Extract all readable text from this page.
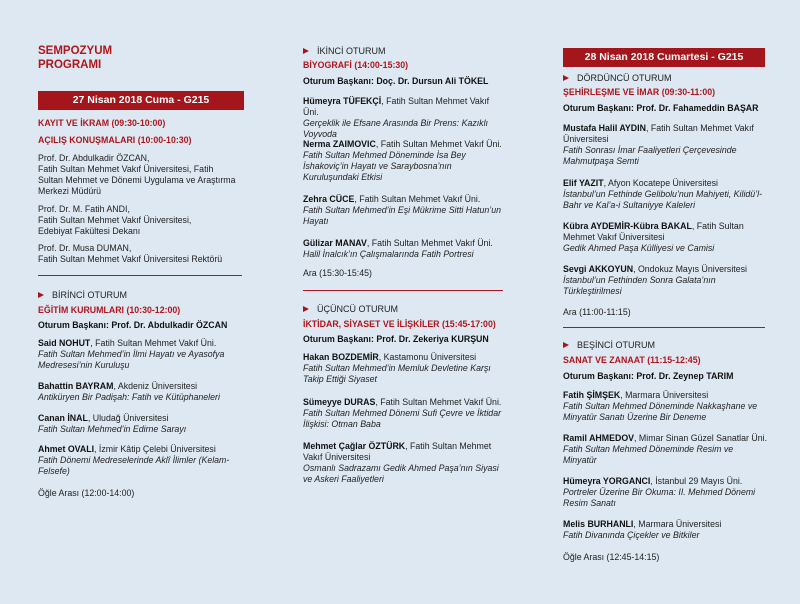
SEMPOZYUM
PROGRAMI
27 Nisan 2018 Cuma - G215
KAYIT VE İKRAM (09:30-10:00)
AÇILIŞ KONUŞMALARI (10:00-10:30)
Prof. Dr. Abdulkadir ÖZCAN,
Fatih Sultan Mehmet Vakıf Üniversitesi, Fatih
Sultan Mehmet ve Dönemi Uygulama ve Araştırma
Merkezi Müdürü
Prof. Dr. M. Fatih ANDI,
Fatih Sultan Mehmet Vakıf Üniversitesi,
Edebiyat Fakültesi Dekanı
Prof. Dr. Musa DUMAN,
Fatih Sultan Mehmet Vakıf Üniversitesi Rektörü
BİRİNCİ OTURUM
EĞİTİM KURUMLARI (10:30-12:00)
Oturum Başkanı: Prof. Dr. Abdulkadir ÖZCAN
Said NOHUT, Fatih Sultan Mehmet Vakıf Üni.
Fatih Sultan Mehmed’in İlmi Hayatı ve Ayasofya Medresesi’nin Kuruluşu
Bahattin BAYRAM, Akdeniz Üniversitesi
Antiküryen Bir Padişah: Fatih ve Kütüphaneleri
Canan İNAL, Uludağ Üniversitesi
Fatih Sultan Mehmed’in Edirne Sarayı
Ahmet OVALI, İzmir Kâtip Çelebi Üniversitesi
Fatih Dönemi Medreselerinde Aklî İlimler (Kelam-Felsefe)
Öğle Arası (12:00-14:00)
İKİNCİ OTURUM
BİYOGRAFİ (14:00-15:30)
Oturum Başkanı: Doç. Dr. Dursun Ali TÖKEL
Hümeyra TÜFEKÇİ, Fatih Sultan Mehmet Vakıf Üni.
Gerçeklik ile Efsane Arasında Bir Prens: Kazıklı Voyvoda
Nerma ZAIMOVIC, Fatih Sultan Mehmet Vakıf Üni.
Fatih Sultan Mehmed Döneminde İsa Bey İshakoviç’in Hayatı ve Saraybosna’nın Kuruluşundaki Etkisi
Zehra CÜCE, Fatih Sultan Mehmet Vakıf Üni.
Fatih Sultan Mehmed’in Eşi Mükrime Sitti Hatun’un Hayatı
Gülizar MANAV, Fatih Sultan Mehmet Vakıf Üni.
Halil İnalcık’ın Çalışmalarında Fatih Portresi
Ara (15:30-15:45)
ÜÇÜNCÜ OTURUM
İKTİDAR, SİYASET VE İLİŞKİLER (15:45-17:00)
Oturum Başkanı: Prof. Dr. Zekeriya KURŞUN
Hakan BOZDEMİR, Kastamonu Üniversitesi
Fatih Sultan Mehmed’in Memluk Devletine Karşı Takip Ettiği Siyaset
Sümeyye DURAS, Fatih Sultan Mehmet Vakıf Üni.
Fatih Sultan Mehmed Dönemi Sufi Çevre ve İktidar İlişkisi: Otman Baba
Mehmet Çağlar ÖZTÜRK, Fatih Sultan Mehmet Vakıf Üniversitesi
Osmanlı Sadrazamı Gedik Ahmed Paşa’nın Siyasi ve Askeri Faaliyetleri
28 Nisan 2018 Cumartesi - G215
DÖRDÜNCÜ OTURUM
ŞEHİRLEŞME VE İMAR (09:30-11:00)
Oturum Başkanı: Prof. Dr. Fahameddin BAŞAR
Mustafa Halil AYDIN, Fatih Sultan Mehmet Vakıf Üniversitesi
Fatih Sonrası İmar Faaliyetleri Çerçevesinde Mahmutpaşa Semti
Elif YAZIT, Afyon Kocatepe Üniversitesi
İstanbul’un Fethinde Gelibolu’nun Mahiyeti, Kilidü’l-Bahr ve Kal’a-i Sultaniyye Kaleleri
Kübra AYDEMİR-Kübra BAKAL, Fatih Sultan Mehmet Vakıf Üniversitesi
Gedik Ahmed Paşa Külliyesi ve Camisi
Sevgi AKKOYUN, Ondokuz Mayıs Üniversitesi
İstanbul’un Fethinden Sonra Galata’nın Türkleştirilmesi
Ara (11:00-11:15)
BEŞİNCİ OTURUM
SANAT VE ZANAAT (11:15-12:45)
Oturum Başkanı: Prof. Dr. Zeynep TARIM
Fatih ŞİMŞEK, Marmara Üniversitesi
Fatih Sultan Mehmed Döneminde Nakkaşhane ve Minyatür Sanatı Üzerine Bir Deneme
Ramil AHMEDOV, Mimar Sinan Güzel Sanatlar Üni.
Fatih Sultan Mehmed Döneminde Resim ve Minyatür
Hümeyra YORGANCI, İstanbul 29 Mayıs Üni.
Portreler Üzerine Bir Okuma: II. Mehmed Dönemi Resim Sanatı
Melis BURHANLI, Marmara Üniversitesi
Fatih Divanında Çiçekler ve Bitkiler
Öğle Arası (12:45-14:15)
